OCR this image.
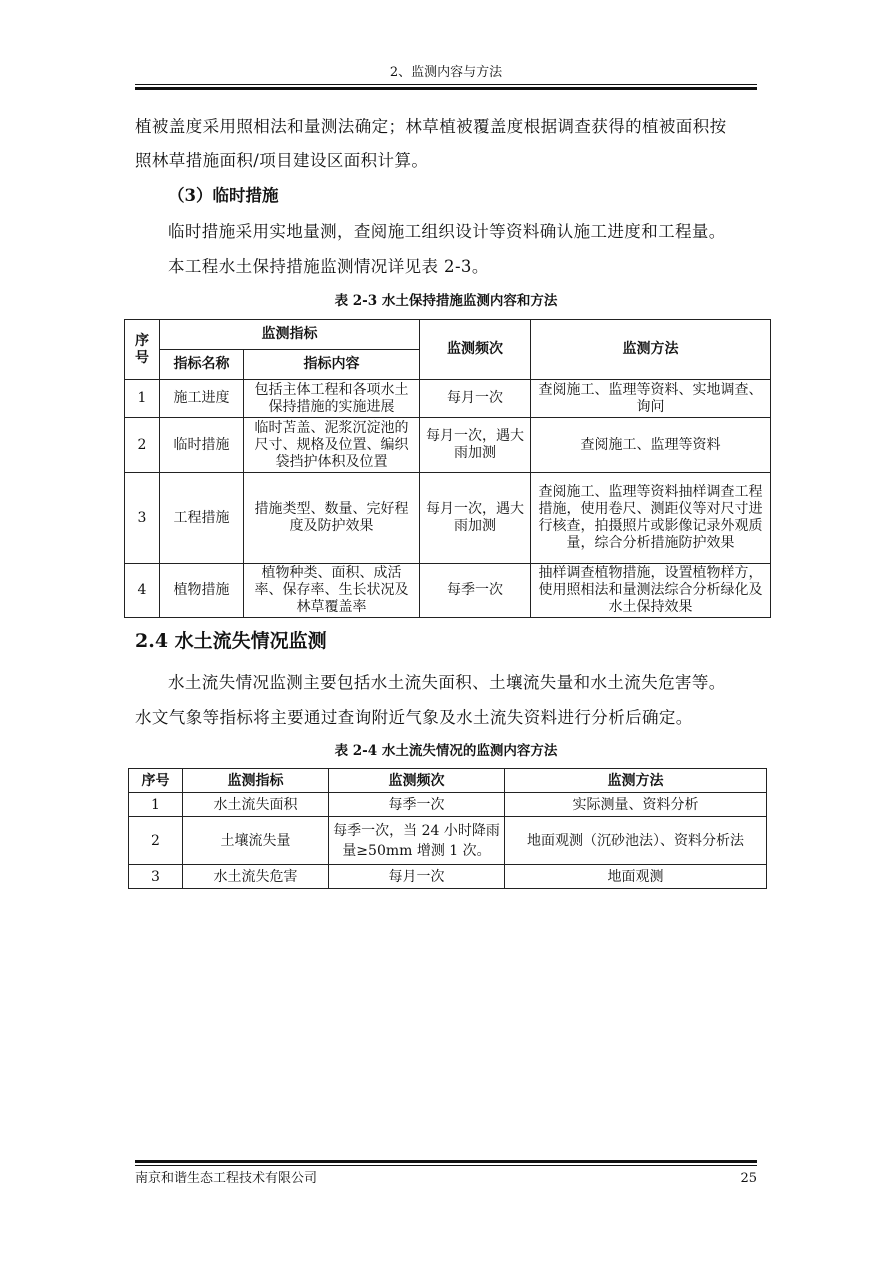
2、监测内容与方法

植被盖度采用照相法和量测法确定；林草植被覆盖度根据调查获得的植被面积按

照林草措施面积/项目建设区面积计算。

（3）临时措施

临时措施采用实地量测，查阅施工组织设计等资料确认施工进度和工程量。

本工程水土保持措施监测情况详见表 2-3。

表 2-3 水土保持措施监测内容和方法
序号	监测指标		监测频次	监测方法
	指标名称	指标内容		
1	施工进度	包括主体工程和各项水土保持措施的实施进展	每月一次	查阅施工、监理等资料、实地调查、询问
2	临时措施	临时苫盖、泥浆沉淀池的尺寸、规格及位置、编织袋挡护体积及位置	每月一次，遇大雨加测	查阅施工、监理等资料
3	工程措施	措施类型、数量、完好程度及防护效果	每月一次，遇大雨加测	查阅施工、监理等资料抽样调查工程措施，使用卷尺、测距仪等对尺寸进行核查，拍摄照片或影像记录外观质量，综合分析措施防护效果
4	植物措施	植物种类、面积、成活率、保存率、生长状况及林草覆盖率	每季一次	抽样调查植物措施，设置植物样方，使用照相法和量测法综合分析绿化及水土保持效果
2.4 水土流失情况监测

水土流失情况监测主要包括水土流失面积、土壤流失量和水土流失危害等。

水文气象等指标将主要通过查询附近气象及水土流失资料进行分析后确定。

表 2-4 水土流失情况的监测内容方法
序号	监测指标	监测频次	监测方法
1	水土流失面积	每季一次	实际测量、资料分析
2	土壤流失量	每季一次，当 24 小时降雨量≥50mm 增测 1 次。	地面观测（沉砂池法）、资料分析法
3	水土流失危害	每月一次	地面观测
南京和谐生态工程技术有限公司	25
